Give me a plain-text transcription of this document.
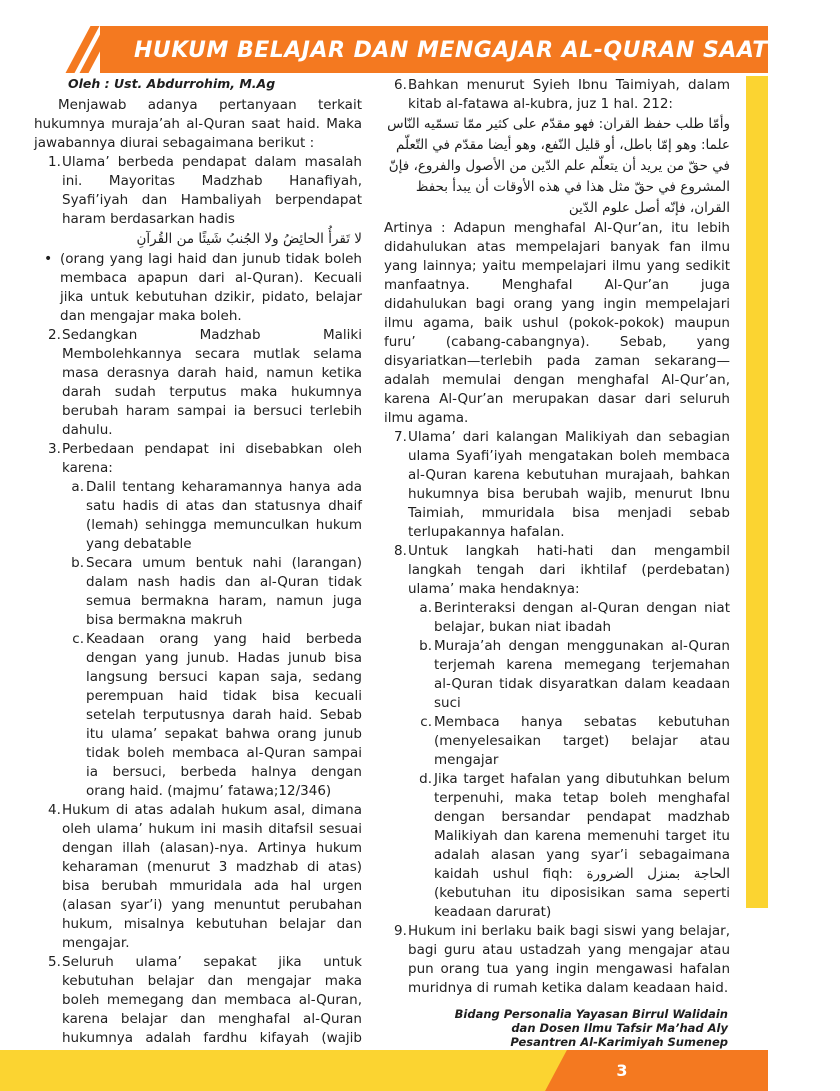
HUKUM BELAJAR DAN MENGAJAR AL-QURAN SAAT HAID
Oleh : Ust. Abdurrohim, M.Ag

Menjawab adanya pertanyaan terkait hukumnya muraja’ah al-Quran saat haid. Maka jawabannya diurai sebagaimana berikut :

1. Ulama’ berbeda pendapat dalam masalah ini. Mayoritas Madzhab Hanafiyah, Syafi’iyah dan Hambaliyah berpendapat haram berdasarkan hadis

لا تَقرأُ الحائِضُ ولا الجُنبُ شَيئًا من القُرآنِ

• (orang yang lagi haid dan junub tidak boleh membaca apapun dari al-Quran). Kecuali jika untuk kebutuhan dzikir, pidato, belajar dan mengajar maka boleh.
2. Sedangkan Madzhab Maliki Membolehkannya secara mutlak selama masa derasnya darah haid, namun ketika darah sudah terputus maka hukumnya berubah haram sampai ia bersuci terlebih dahulu.
3. Perbedaan pendapat ini disebabkan oleh karena:
a. Dalil tentang keharamannya hanya ada satu hadis di atas dan statusnya dhaif (lemah) sehingga memunculkan hukum yang debatable
b. Secara umum bentuk nahi (larangan) dalam nash hadis dan al-Quran tidak semua bermakna haram, namun juga bisa bermakna makruh
c. Keadaan orang yang haid berbeda dengan yang junub. Hadas junub bisa langsung bersuci kapan saja, sedang perempuan haid tidak bisa kecuali setelah terputusnya darah haid. Sebab itu ulama’ sepakat bahwa orang junub tidak boleh membaca al-Quran sampai ia bersuci, berbeda halnya dengan orang haid. (majmu’ fatawa;12/346)
4. Hukum di atas adalah hukum asal, dimana oleh ulama’ hukum ini masih ditafsil sesuai dengan illah (alasan)-nya. Artinya hukum keharaman (menurut 3 madzhab di atas) bisa berubah mmuridala ada hal urgen (alasan syar’i) yang menuntut perubahan hukum, misalnya kebutuhan belajar dan mengajar.
5. Seluruh ulama’ sepakat jika untuk kebutuhan belajar dan mengajar maka boleh memegang dan membaca al-Quran, karena belajar dan menghafal al-Quran hukumnya adalah fardhu kifayah (wajib
6. Bahkan menurut Syieh Ibnu Taimiyah, dalam kitab al-fatawa al-kubra, juz 1 hal. 212:

وأمّا طلب حفظ القران: فهو مقدّم على كثير ممّا تسمّيه النّاس علما: وهو إمّا باطل، أو قليل النّفع، وهو أيضا مقدّم في التّعلّم في حقّ من يريد أن يتعلّم علم الدّين من الأصول والفروع، فإنّ المشروع في حقّ مثل هذا في هذه الأوقات أن يبدأ بحفظ القران، فإنّه أصل علوم الدّين

Artinya : Adapun menghafal Al-Qur’an, itu lebih didahulukan atas mempelajari banyak fan ilmu yang lainnya; yaitu mempelajari ilmu yang sedikit manfaatnya. Menghafal Al-Qur’an juga didahulukan bagi orang yang ingin mempelajari ilmu agama, baik ushul (pokok-pokok) maupun furu’ (cabang-cabangnya). Sebab, yang disyariatkan—terlebih pada zaman sekarang—adalah memulai dengan menghafal Al-Qur’an, karena Al-Qur’an merupakan dasar dari seluruh ilmu agama.

7. Ulama’ dari kalangan Malikiyah dan sebagian ulama Syafi’iyah mengatakan boleh membaca al-Quran karena kebutuhan murajaah, bahkan hukumnya bisa berubah wajib, menurut Ibnu Taimiah, mmuridala bisa menjadi sebab terlupakannya hafalan.
8. Untuk langkah hati-hati dan mengambil langkah tengah dari ikhtilaf (perdebatan) ulama’ maka hendaknya:
a. Berinteraksi dengan al-Quran dengan niat belajar, bukan niat ibadah
b. Muraja’ah dengan menggunakan al-Quran terjemah karena memegang terjemahan al-Quran tidak disyaratkan dalam keadaan suci
c. Membaca hanya sebatas kebutuhan (menyelesaikan target) belajar atau mengajar
d. Jika target hafalan yang dibutuhkan belum terpenuhi, maka tetap boleh menghafal dengan bersandar pendapat madzhab Malikiyah dan karena memenuhi target itu adalah alasan yang syar’i sebagaimana kaidah ushul fiqh: الحاجة بمنزل الضرورة (kebutuhan itu diposisikan sama seperti keadaan darurat)
9. Hukum ini berlaku baik bagi siswi yang belajar, bagi guru atau ustadzah yang mengajar atau pun orang tua yang ingin mengawasi hafalan muridnya di rumah ketika dalam keadaan haid.
Bidang Personalia Yayasan Birrul Walidain
dan Dosen Ilmu Tafsir Ma’had Aly
Pesantren Al-Karimiyah Sumenep
3
